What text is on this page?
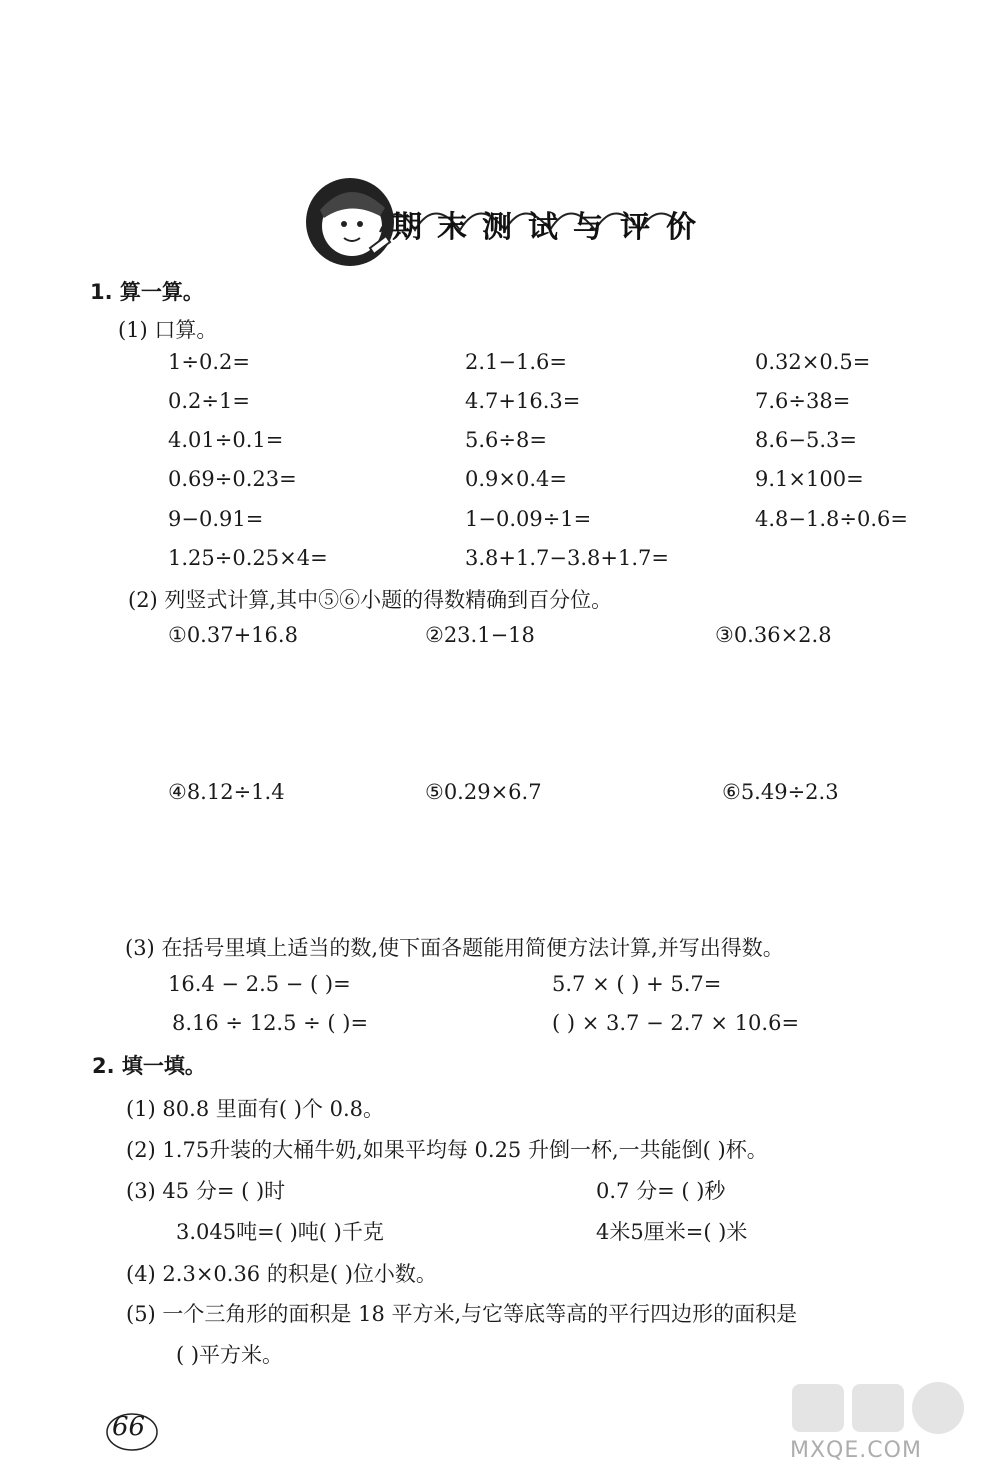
期 末 测 试 与 评 价
1. 算一算。
(1) 口算。
1÷0.2=	2.1−1.6=	0.32×0.5=
0.2÷1=	4.7+16.3=	7.6÷38=
4.01÷0.1=	5.6÷8=	8.6−5.3=
0.69÷0.23=	0.9×0.4=	9.1×100=
9−0.91=	1−0.09÷1=	4.8−1.8÷0.6=
1.25÷0.25×4=	3.8+1.7−3.8+1.7=
(2) 列竖式计算,其中⑤⑥小题的得数精确到百分位。
①0.37+16.8	②23.1−18	③0.36×2.8
④8.12÷1.4	⑤0.29×6.7	⑥5.49÷2.3
(3) 在括号里填上适当的数,使下面各题能用简便方法计算,并写出得数。
16.4 − 2.5 − ( )=	5.7 × ( ) + 5.7=
8.16 ÷ 12.5 ÷ ( )=	( ) × 3.7 − 2.7 × 10.6=
2. 填一填。
(1) 80.8 里面有( )个 0.8。
(2) 1.75升装的大桶牛奶,如果平均每 0.25 升倒一杯,一共能倒( )杯。
(3) 45 分= ( )时	0.7 分= ( )秒
3.045吨=( )吨( )千克	4米5厘米=( )米
(4) 2.3×0.36 的积是( )位小数。
(5) 一个三角形的面积是 18 平方米,与它等底等高的平行四边形的面积是
( )平方米。
66
MXQE.COM
